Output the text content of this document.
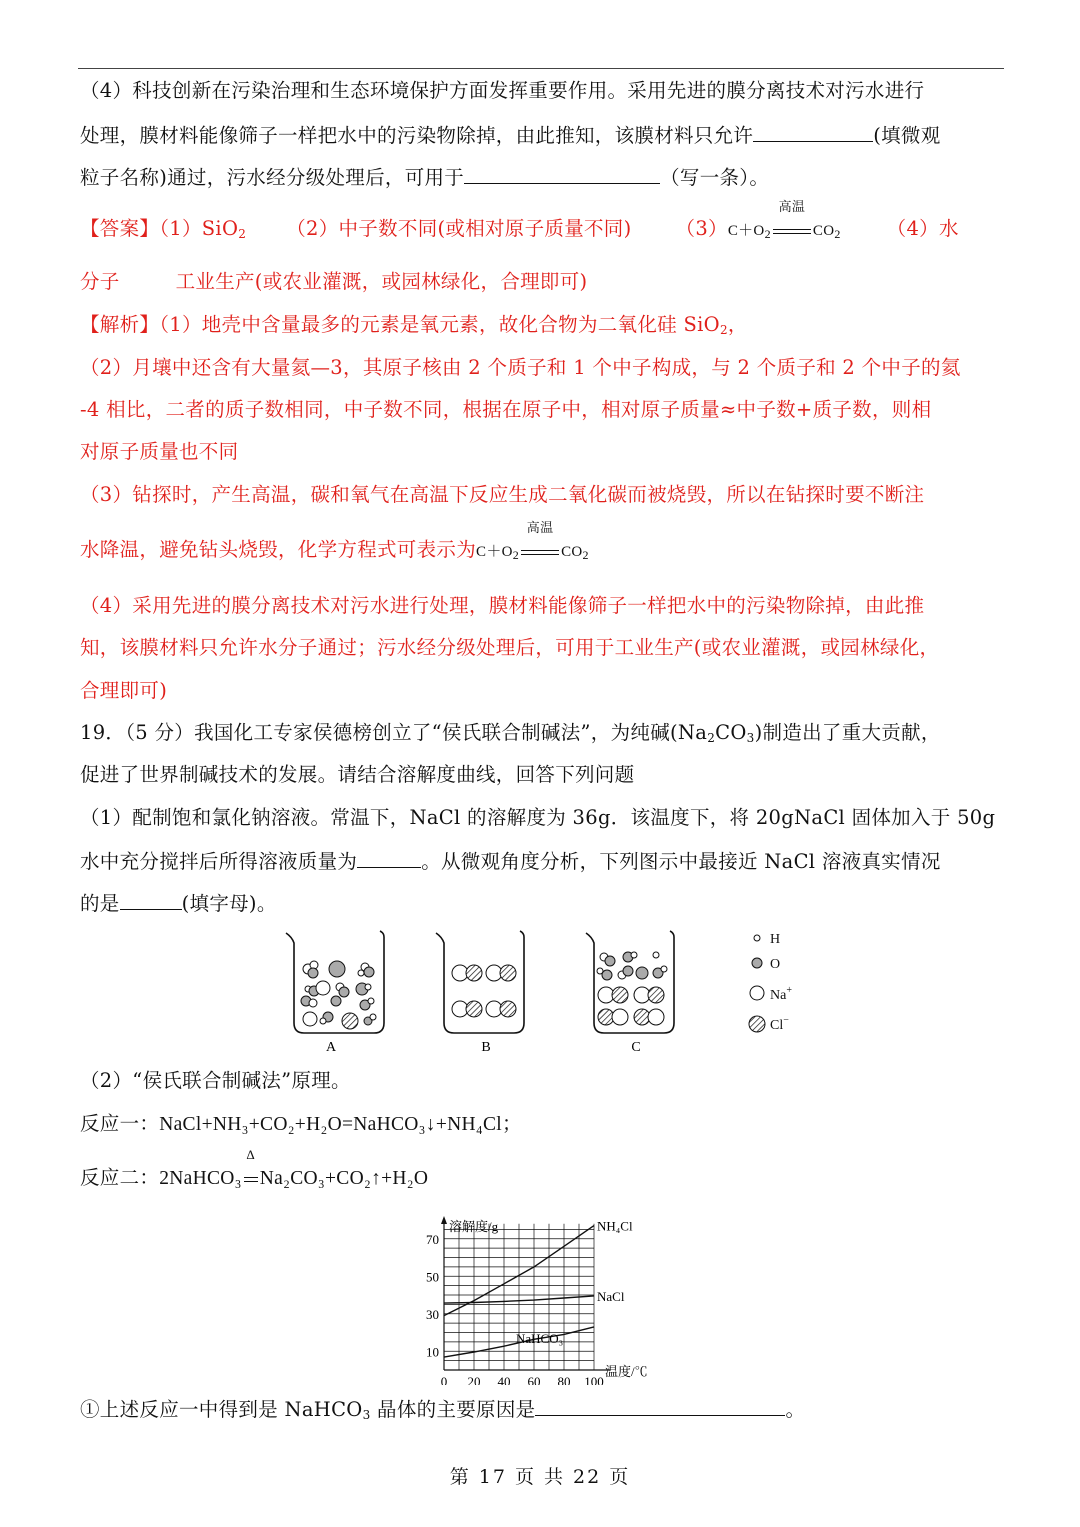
（4）科技创新在污染治理和生态环境保护方面发挥重要作用。采用先进的膜分离技术对污水进行
处理，膜材料能像筛子一样把水中的污染物除掉，由此推知，该膜材料只允许	(填微观
粒子名称)通过，污水经分级处理后，可用于	（写一条）。
【答案】（1）SiO$_2$ （2）中子数不同(或相对原子质量不同) $(3)C+O_2$
高温
$CO_2$ （4）水
分子	工业生产(或农业灌溉，或园林绿化，合理即可)
【解析】（1）地壳中含量最多的元素是氧元素，故化合物为二氧化硅 SiO$_2$，
（2）月壤中还含有大量氦—3，其原子核由 2 个质子和 1 个中子构成，与 2 个质子和 2 个中子的氦
-4 相比，二者的质子数相同，中子数不同，根据在原子中，相对原子质量≈中子数+质子数，则相
对原子质量也不同
（3）钻探时，产生高温，碳和氧气在高温下反应生成二氧化碳而被烧毁，所以在钻探时要不断注
水降温，避免钻头烧毁，化学方程式可表示为$C+O_2$
高温
$CO_2$
（4）采用先进的膜分离技术对污水进行处理，膜材料能像筛子一样把水中的污染物除掉，由此推
知，该膜材料只允许水分子通过；污水经分级处理后，可用于工业生产(或农业灌溉，或园林绿化，
合理即可)
19．（5 分）我国化工专家侯德榜创立了“侯氏联合制碱法”，为纯碱$(Na_2CO_3)$制造出了重大贡献，
促进了世界制碱技术的发展。请结合溶解度曲线，回答下列问题
（1）配制饱和氯化钠溶液。常温下，NaCl 的溶解度为 36g．该温度下，将 20gNaCl 固体加入于 50g
水中充分搅拌后所得溶液质量为	。从微观角度分析，下列图示中最接近 NaCl 溶液真实情况
的是	(填字母)。
A	B	C
H
O
Na+
Cl−
（2）“侯氏联合制碱法”原理。
反应一：NaCl+NH₃+CO₂+H₂O=NaHCO₃↓+NH₄Cl；
反应二：2NaHCO₃
Δ
Na₂CO₃+CO₂↑+H₂O
溶解度/g
温度/℃
0 20 40 60 80 100
10
30
50
70
NH₄Cl
NaCl
NaHCO₃
①上述反应一中得到是 NaHCO$_3$ 晶体的主要原因是	。
第 17 页 共 22 页
